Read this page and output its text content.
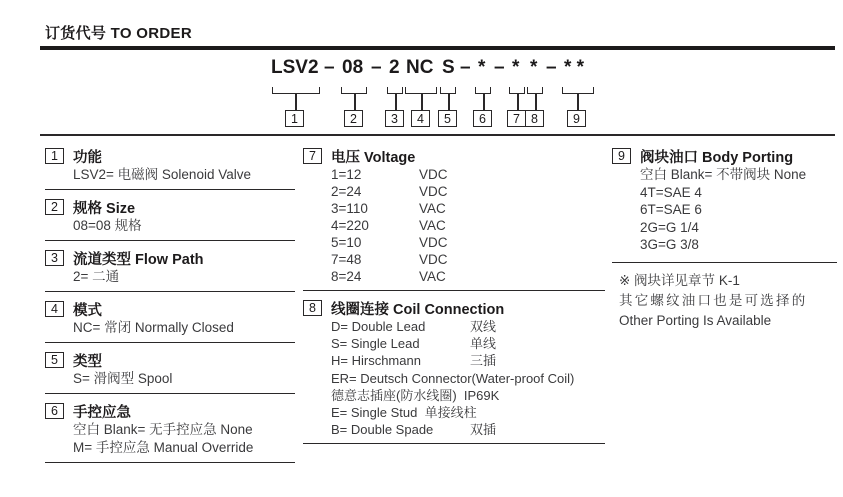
订货代号 TO ORDER
LSV2 – 08 – 2 NC S – * – * * – * *
1	2	3	4	5	6	7 8	9
1	功能
LSV2= 电磁阀 Solenoid Valve
2	规格 Size
08=08 规格
3	流道类型 Flow Path
2= 二通
4	模式
NC= 常闭 Normally Closed
5	类型
S= 滑阀型 Spool
6	手控应急
空白 Blank= 无手控应急 None
M= 手控应急 Manual Override
7	电压 Voltage
1=12	VDC
2=24	VDC
3=110	VAC
4=220	VAC
5=10	VDC
7=48	VDC
8=24	VAC
8	线圈连接 Coil Connection
D= Double Lead	双线
S= Single Lead	单线
H= Hirschmann	三插
ER= Deutsch Connector(Water-proof Coil)
德意志插座(防水线圈)  IP69K
E= Single Stud  单接线柱
B= Double Spade	双插
9	阀块油口 Body Porting
空白 Blank= 不带阀块 None
4T=SAE 4
6T=SAE 6
2G=G 1/4
3G=G 3/8
※ 阀块详见章节 K-1
其它螺纹油口也是可选择的
Other Porting Is Available
